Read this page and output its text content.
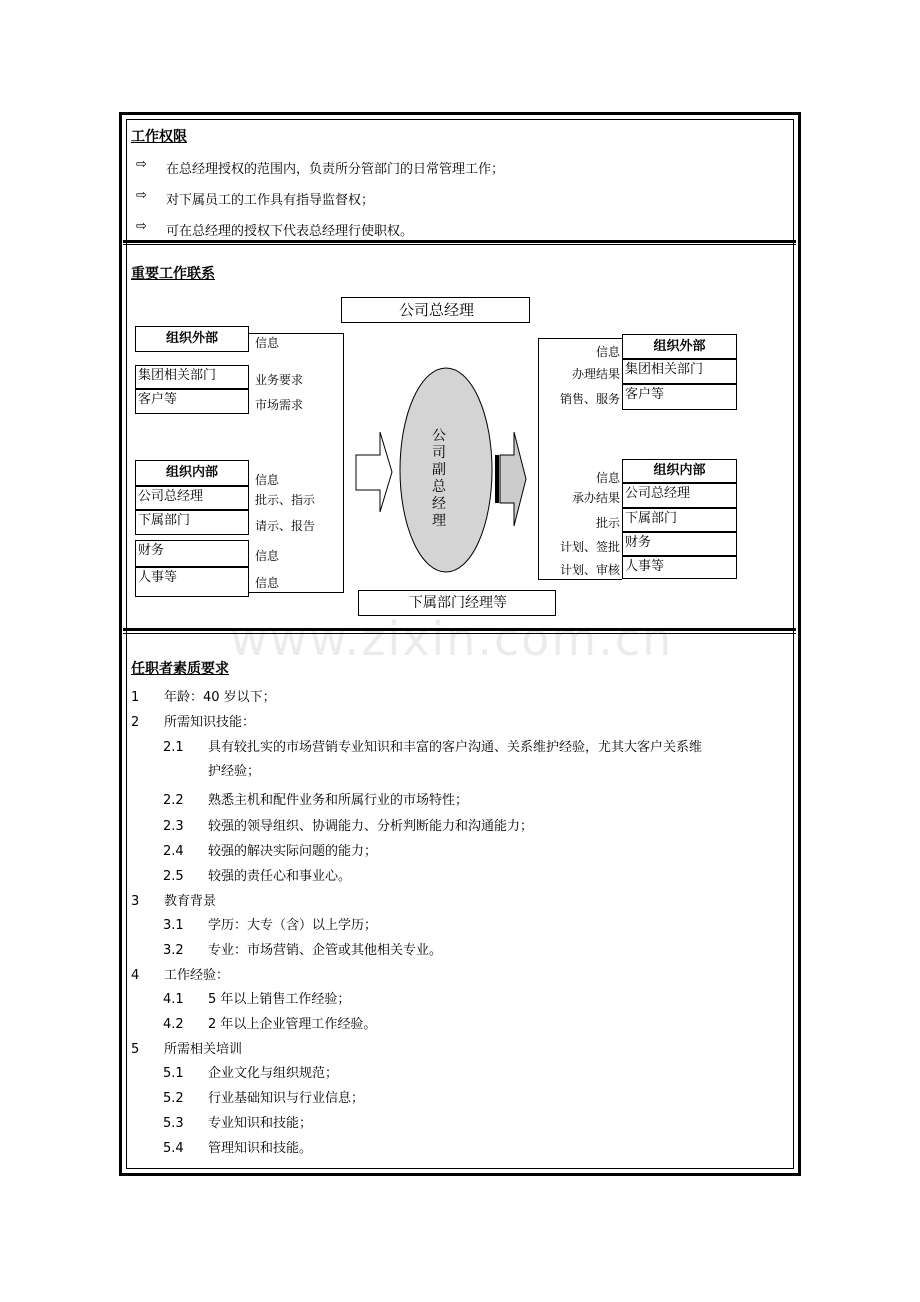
工作权限
⇨ 在总经理授权的范围内，负责所分管部门的日常管理工作；
⇨ 对下属员工的工作具有指导监督权；
⇨ 可在总经理的授权下代表总经理行使职权。
重要工作联系
公司总经理
组织外部	信息
集团相关部门	业务要求
客户等	市场需求
组织内部	信息
公司总经理	批示、指示
下属部门	请示、报告
财务	信息
人事等	信息
组织外部
信息
集团相关部门
办理结果
客户等
销售、服务
组织内部
信息
公司总经理
承办结果
下属部门
批示
财务
计划、签批
人事等
计划、审核
公
司
副
总
经
理
下属部门经理等
www.zixin.com.cn
任职者素质要求
1 年龄：40 岁以下；
2 所需知识技能：
2.1 具有较扎实的市场营销专业知识和丰富的客户沟通、关系维护经验，尤其大客户关系维
护经验；
2.2 熟悉主机和配件业务和所属行业的市场特性；
2.3 较强的领导组织、协调能力、分析判断能力和沟通能力；
2.4 较强的解决实际问题的能力；
2.5 较强的责任心和事业心。
3 教育背景
3.1 学历：大专（含）以上学历；
3.2 专业：市场营销、企管或其他相关专业。
4 工作经验：
4.1 5 年以上销售工作经验；
4.2 2 年以上企业管理工作经验。
5 所需相关培训
5.1 企业文化与组织规范；
5.2 行业基础知识与行业信息；
5.3 专业知识和技能；
5.4 管理知识和技能。
